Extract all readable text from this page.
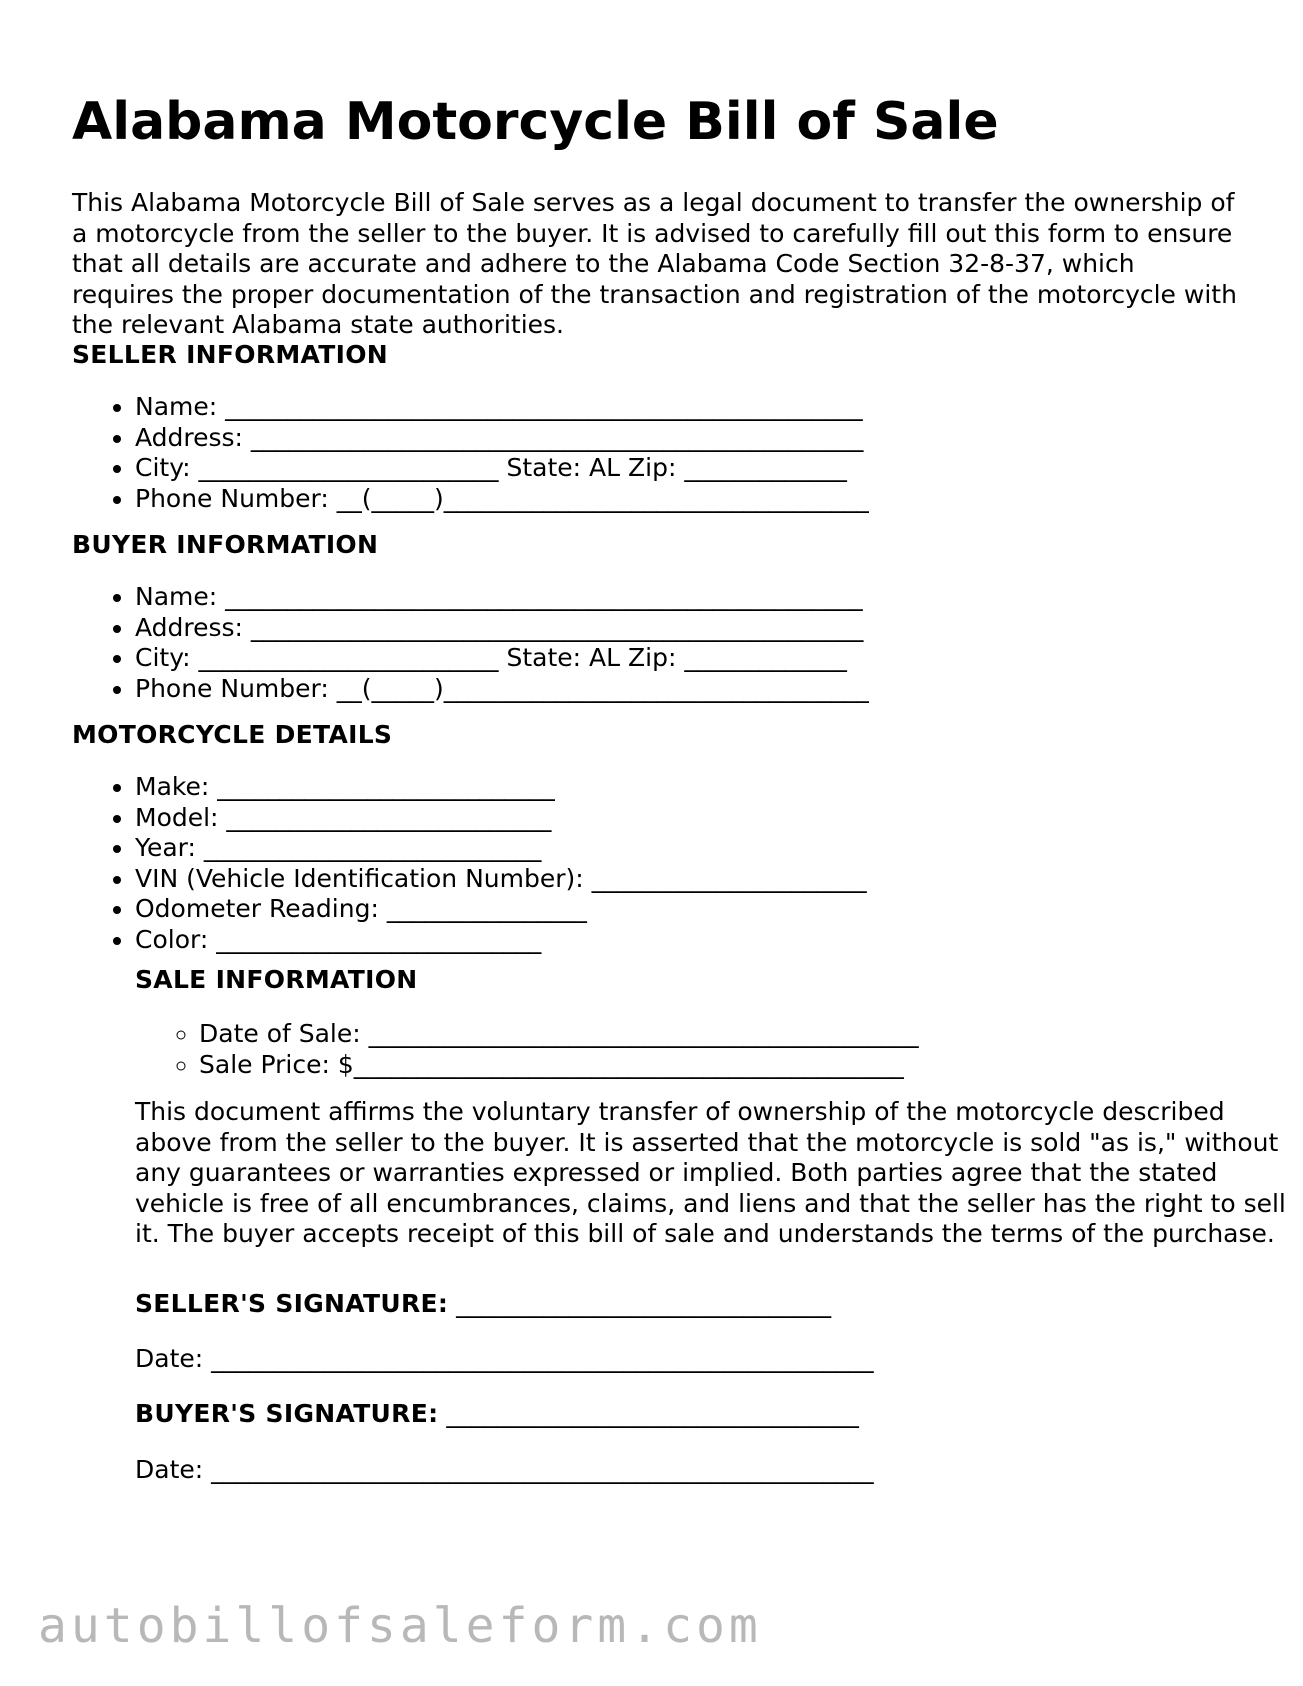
Alabama Motorcycle Bill of Sale

This Alabama Motorcycle Bill of Sale serves as a legal document to transfer the ownership of a motorcycle from the seller to the buyer. It is advised to carefully fill out this form to ensure that all details are accurate and adhere to the Alabama Code Section 32-8-37, which requires the proper documentation of the transaction and registration of the motorcycle with the relevant Alabama state authorities.

SELLER INFORMATION
• Name: ___________________________________________________
• Address: _________________________________________________
• City: ________________________ State: AL Zip: _____________
• Phone Number: __(_____)__________________________________
BUYER INFORMATION
• Name: ___________________________________________________
• Address: _________________________________________________
• City: ________________________ State: AL Zip: _____________
• Phone Number: __(_____)__________________________________
MOTORCYCLE DETAILS
• Make: ___________________________
• Model: __________________________
• Year: ___________________________
• VIN (Vehicle Identification Number): ______________________
• Odometer Reading: ________________
• Color: __________________________
SALE INFORMATION
◦ Date of Sale: ____________________________________________
◦ Sale Price: $____________________________________________

This document affirms the voluntary transfer of ownership of the motorcycle described above from the seller to the buyer. It is asserted that the motorcycle is sold "as is," without any guarantees or warranties expressed or implied. Both parties agree that the stated vehicle is free of all encumbrances, claims, and liens and that the seller has the right to sell it. The buyer accepts receipt of this bill of sale and understands the terms of the purchase.

SELLER'S SIGNATURE: ______________________________

Date: _____________________________________________________

BUYER'S SIGNATURE: _________________________________

Date: _____________________________________________________

autobillofsaleform.com
